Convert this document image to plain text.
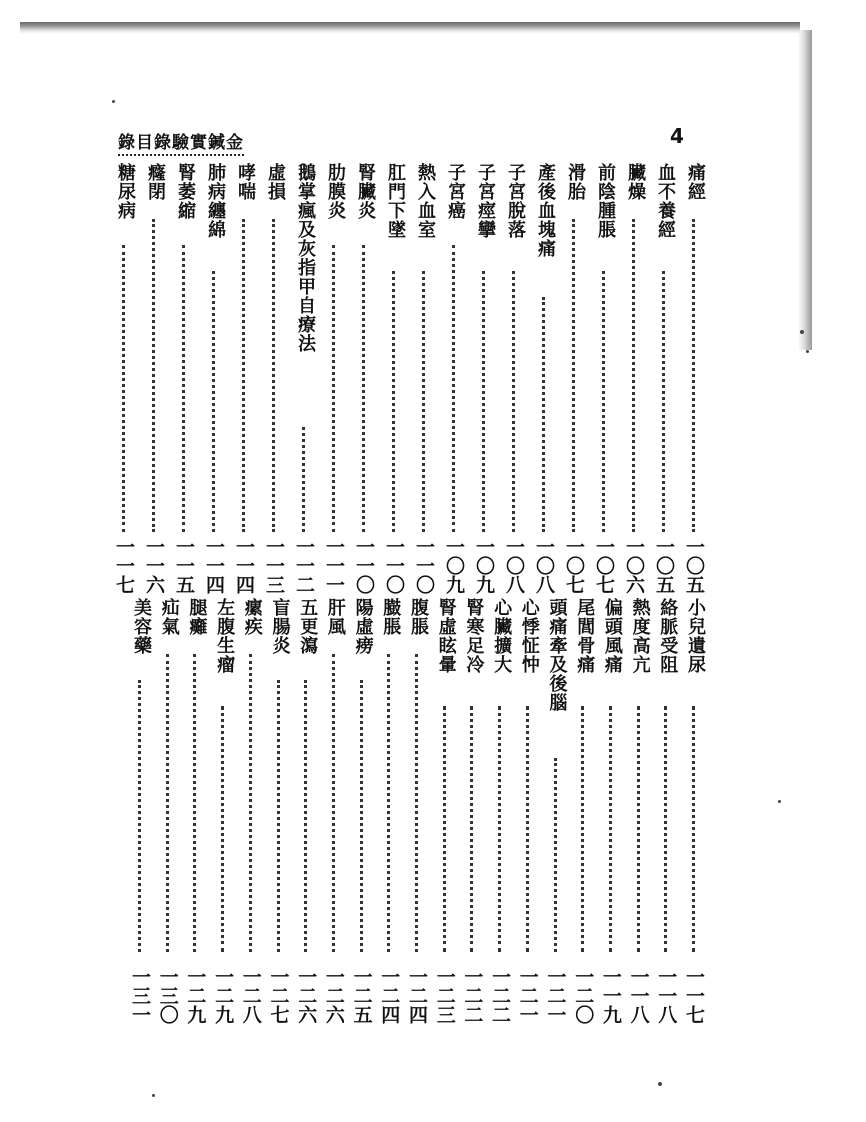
錄目錄驗實鍼金	4
痛經
一〇五
血不養經
一〇五
臟燥
一〇六
前陰腫脹
一〇七
滑胎
一〇七
產後血塊痛
一〇八
子宮脫落
一〇八
子宮痙攣
一〇九
子宮癌
一〇九
熱入血室
一一〇
肛門下墜
一一〇
腎臟炎
一一〇
肋膜炎
一一一
鵝掌瘋及灰指甲自療法
一一二
虛損
一一三
哮喘
一一四
肺病纏綿
一一四
腎萎縮
一一五
癃閉
一一六
糖尿病
一一七
小兒遺尿
一一七
絡脈受阻
一一八
熱度高亢
一一八
偏頭風痛
一一九
尾閭骨痛
一二〇
頭痛牽及後腦
一二一
心悸怔忡
一二一
心臟擴大
一二二
腎寒足冷
一二二
腎虛眩暈
一二三
腹脹
一二四
臌脹
一二四
陽虛痨
一二五
肝風
一二六
五更瀉
一二六
盲腸炎
一二七
瘰疾
一二八
左腹生瘤
一二九
腿癱
一二九
疝氣
一三〇
美容藥
一三一
